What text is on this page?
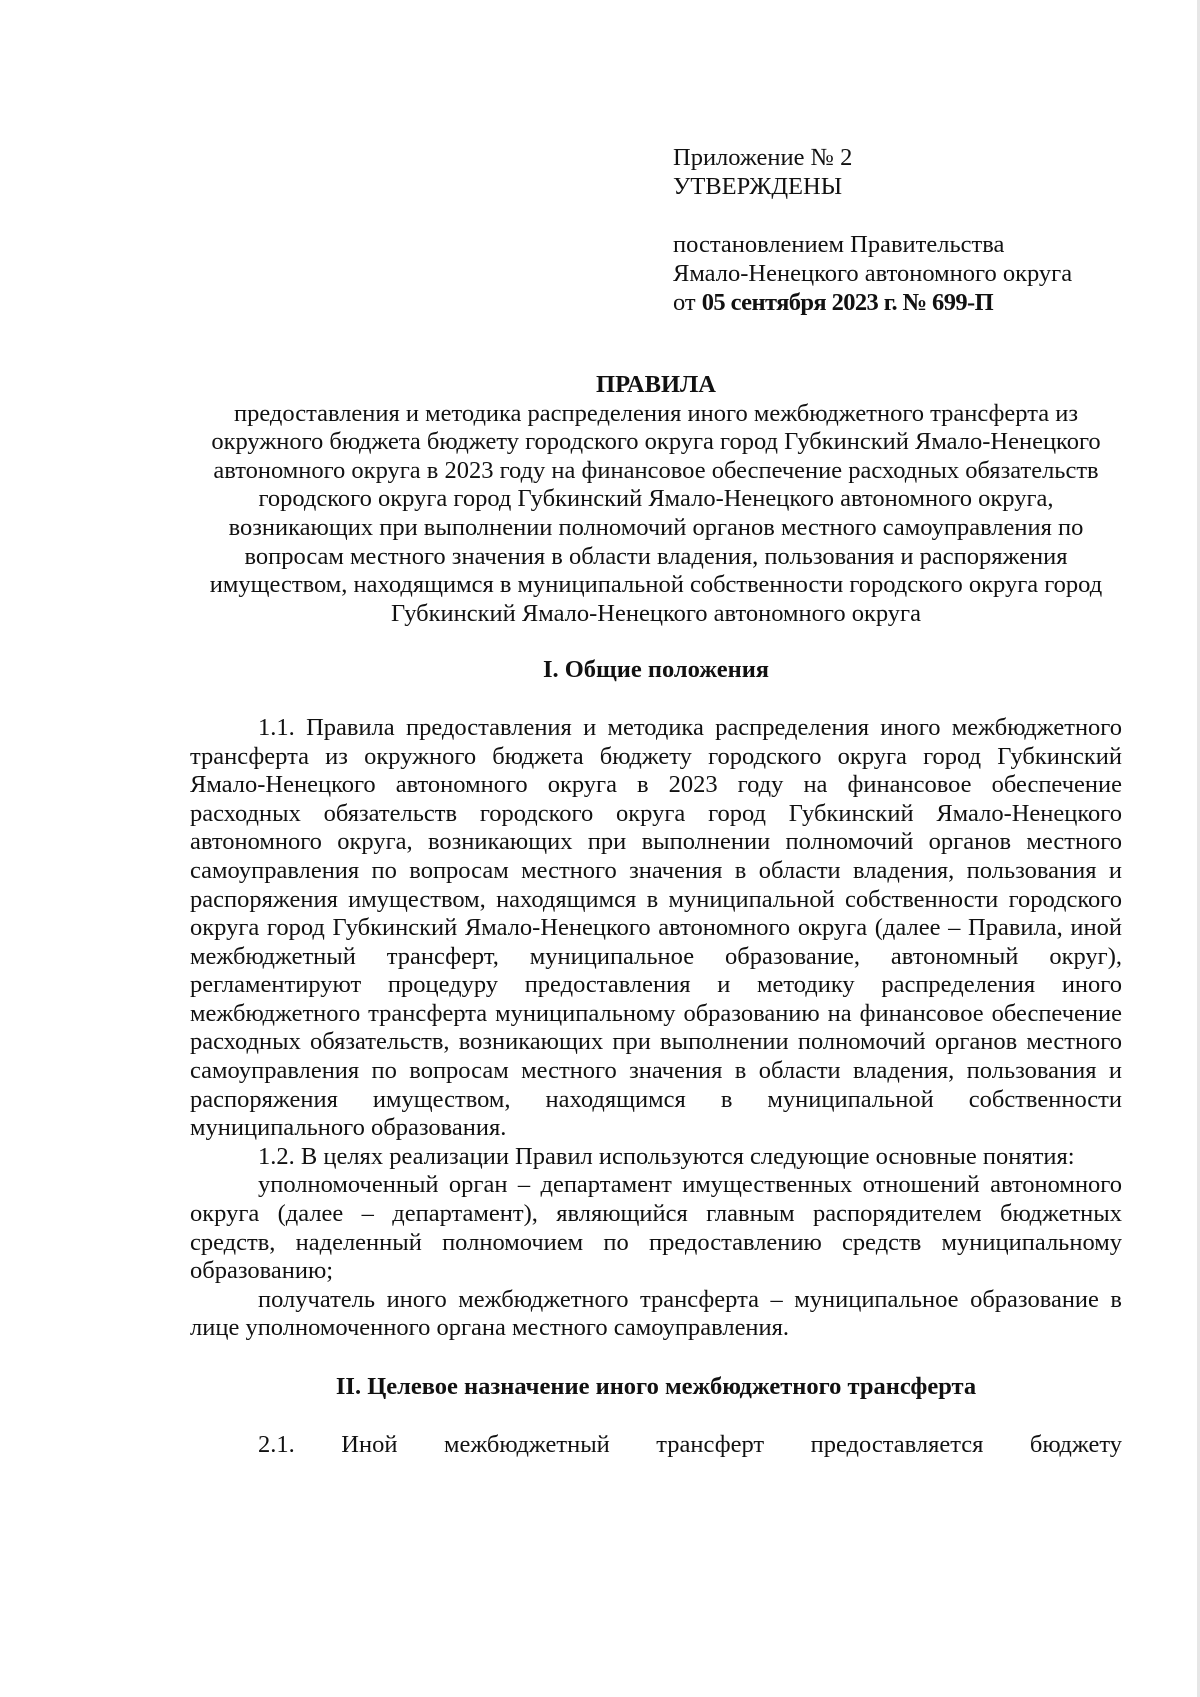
Приложение № 2
УТВЕРЖДЕНЫ
постановлением Правительства
Ямало-Ненецкого автономного округа
от 05 сентября 2023 г. № 699-П

ПРАВИЛА

предоставления и методика распределения иного межбюджетного трансферта из окружного бюджета бюджету городского округа город Губкинский Ямало-Ненецкого автономного округа в 2023 году на финансовое обеспечение расходных обязательств городского округа город Губкинский Ямало-Ненецкого автономного округа, возникающих при выполнении полномочий органов местного самоуправления по вопросам местного значения в области владения, пользования и распоряжения имуществом, находящимся в муниципальной собственности городского округа город Губкинский Ямало-Ненецкого автономного округа

I. Общие положения

1.1. Правила предоставления и методика распределения иного межбюджетного трансферта из окружного бюджета бюджету городского округа город Губкинский Ямало-Ненецкого автономного округа в 2023 году на финансовое обеспечение расходных обязательств городского округа город Губкинский Ямало-Ненецкого автономного округа, возникающих при выполнении полномочий органов местного самоуправления по вопросам местного значения в области владения, пользования и распоряжения имуществом, находящимся в муниципальной собственности городского округа город Губкинский Ямало-Ненецкого автономного округа (далее – Правила, иной межбюджетный трансферт, муниципальное образование, автономный округ), регламентируют процедуру предоставления и методику распределения иного межбюджетного трансферта муниципальному образованию на финансовое обеспечение расходных обязательств, возникающих при выполнении полномочий органов местного самоуправления по вопросам местного значения в области владения, пользования и распоряжения имуществом, находящимся в муниципальной собственности муниципального образования.

1.2. В целях реализации Правил используются следующие основные понятия:

уполномоченный орган – департамент имущественных отношений автономного округа (далее – департамент), являющийся главным распорядителем бюджетных средств, наделенный полномочием по предоставлению средств муниципальному образованию;

получатель иного межбюджетного трансферта – муниципальное образование в лице уполномоченного органа местного самоуправления.

II. Целевое назначение иного межбюджетного трансферта

2.1. Иной межбюджетный трансферт предоставляется бюджету
